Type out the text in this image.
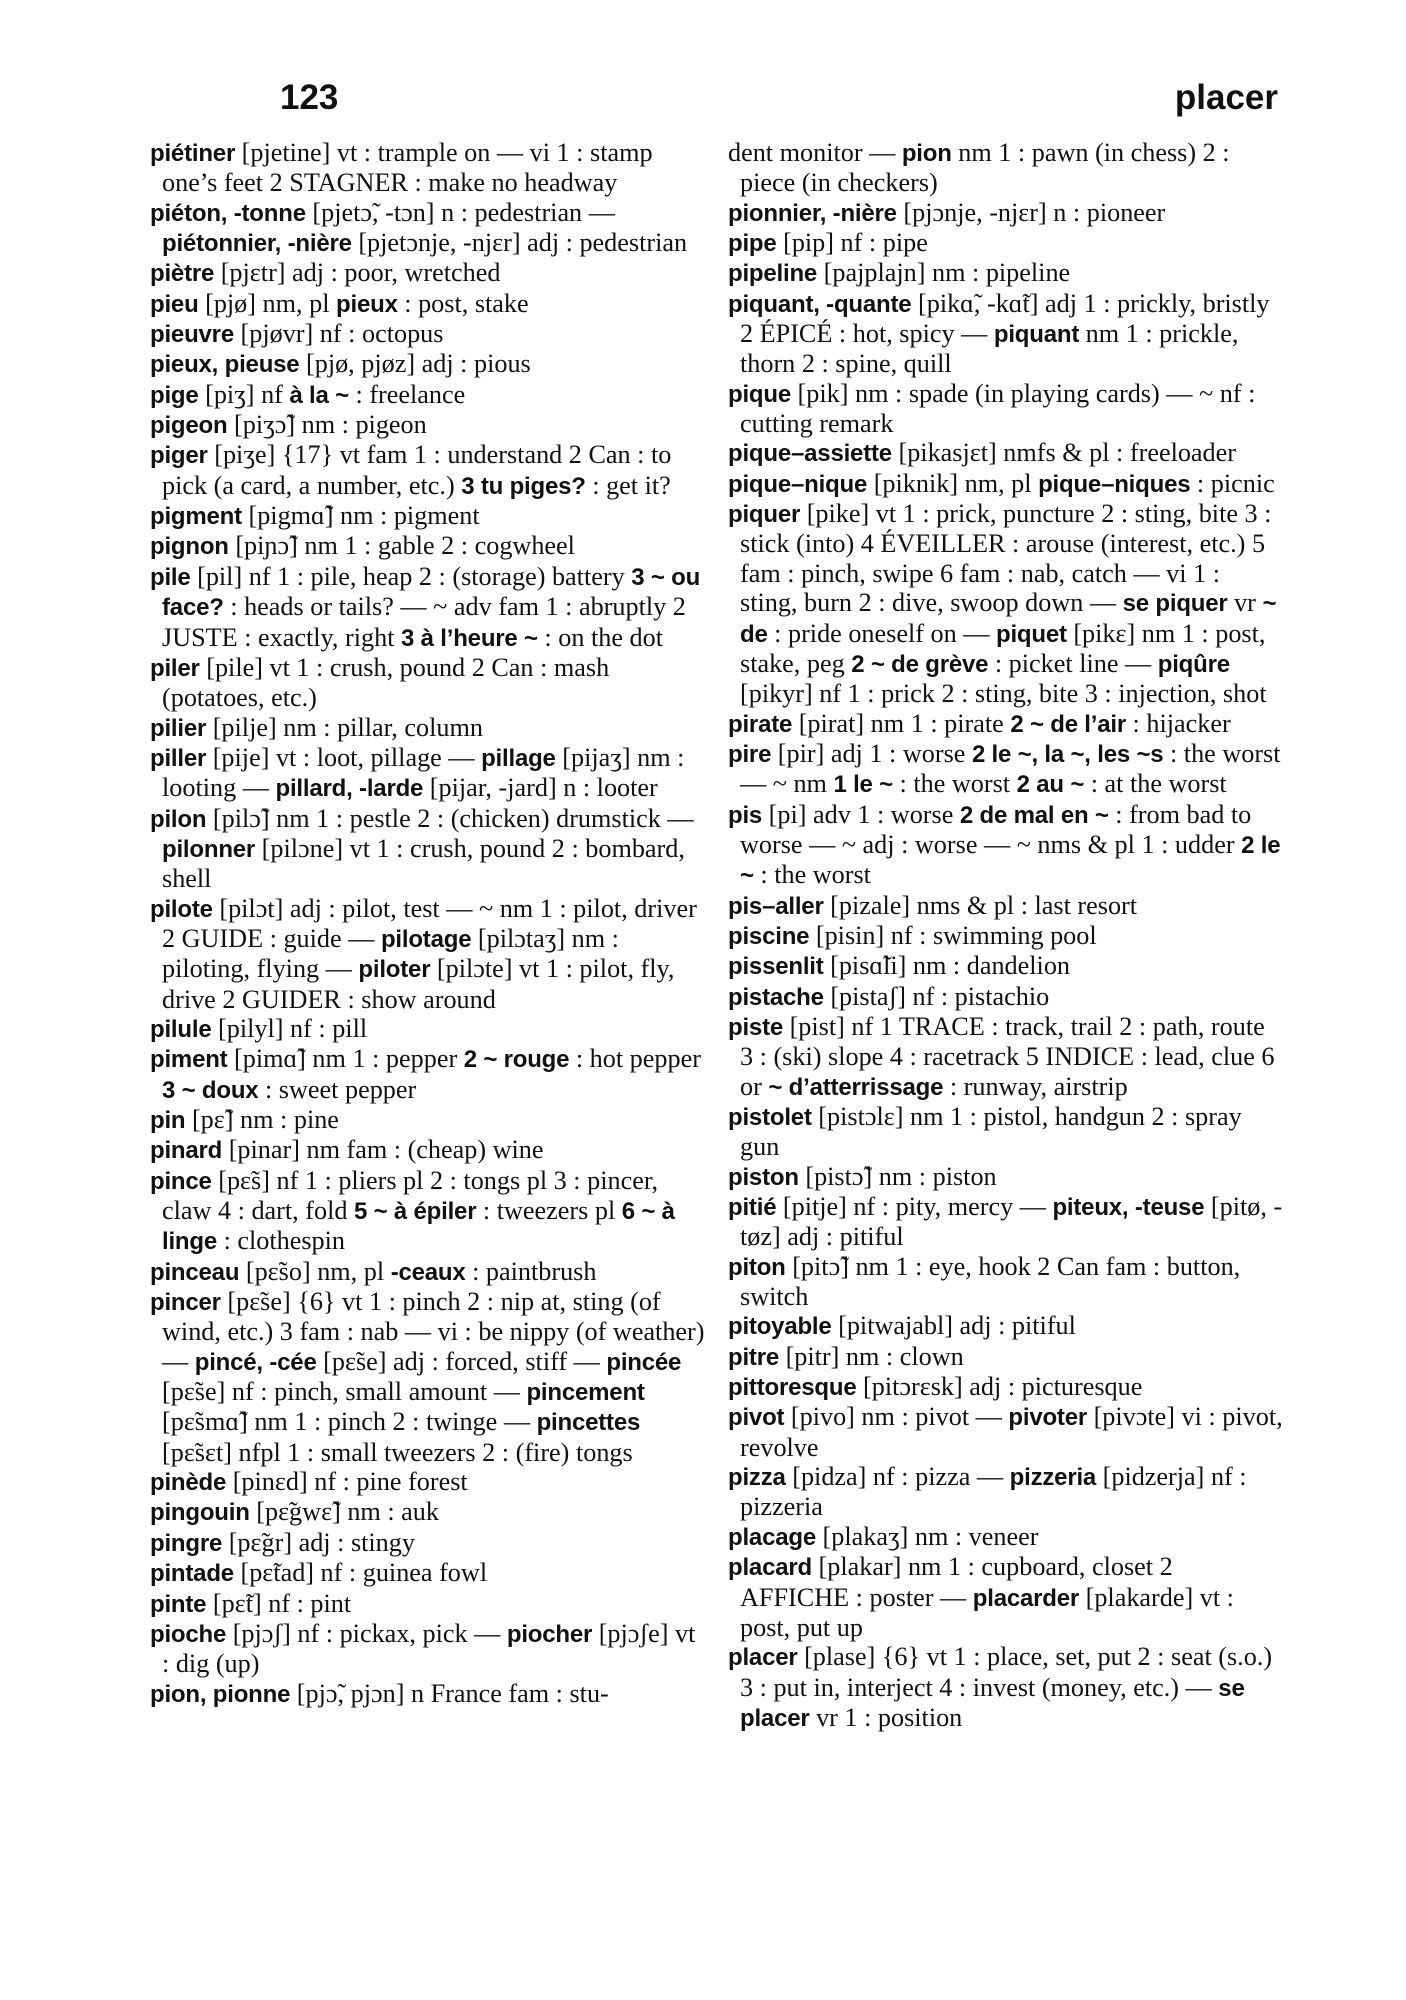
123	placer

piétiner [pjetine] vt : trample on — vi 1 : stamp one’s feet 2 STAGNER : make no headway

piéton, -tonne [pjetɔ̃, -tɔn] n : pedestrian — piétonnier, -nière [pjetɔnje, -njɛr] adj : pedestrian

piètre [pjɛtr] adj : poor, wretched

pieu [pjø] nm, pl pieux : post, stake

pieuvre [pjøvr] nf : octopus

pieux, pieuse [pjø, pjøz] adj : pious

pige [piʒ] nf à la ~ : freelance

pigeon [piʒɔ̃] nm : pigeon

piger [piʒe] {17} vt fam 1 : understand 2 Can : to pick (a card, a number, etc.) 3 tu piges? : get it?

pigment [pigmɑ̃] nm : pigment

pignon [piɲɔ̃] nm 1 : gable 2 : cogwheel

pile [pil] nf 1 : pile, heap 2 : (storage) battery 3 ~ ou face? : heads or tails? — ~ adv fam 1 : abruptly 2 JUSTE : exactly, right 3 à l’heure ~ : on the dot

piler [pile] vt 1 : crush, pound 2 Can : mash (potatoes, etc.)

pilier [pilje] nm : pillar, column

piller [pije] vt : loot, pillage — pillage [pijaʒ] nm : looting — pillard, -larde [pijar, -jard] n : looter

pilon [pilɔ̃] nm 1 : pestle 2 : (chicken) drumstick — pilonner [pilɔne] vt 1 : crush, pound 2 : bombard, shell

pilote [pilɔt] adj : pilot, test — ~ nm 1 : pilot, driver 2 GUIDE : guide — pilotage [pilɔtaʒ] nm : piloting, flying — piloter [pilɔte] vt 1 : pilot, fly, drive 2 GUIDER : show around

pilule [pilyl] nf : pill

piment [pimɑ̃] nm 1 : pepper 2 ~ rouge : hot pepper 3 ~ doux : sweet pepper

pin [pɛ̃] nm : pine

pinard [pinar] nm fam : (cheap) wine

pince [pɛ̃s] nf 1 : pliers pl 2 : tongs pl 3 : pincer, claw 4 : dart, fold 5 ~ à épiler : tweezers pl 6 ~ à linge : clothespin

pinceau [pɛ̃so] nm, pl -ceaux : paintbrush

pincer [pɛ̃se] {6} vt 1 : pinch 2 : nip at, sting (of wind, etc.) 3 fam : nab — vi : be nippy (of weather) — pincé, -cée [pɛ̃se] adj : forced, stiff — pincée [pɛ̃se] nf : pinch, small amount — pincement [pɛ̃smɑ̃] nm 1 : pinch 2 : twinge — pincettes [pɛ̃sɛt] nfpl 1 : small tweezers 2 : (fire) tongs

pinède [pinɛd] nf : pine forest

pingouin [pɛ̃gwɛ̃] nm : auk

pingre [pɛ̃gr] adj : stingy

pintade [pɛ̃tad] nf : guinea fowl

pinte [pɛ̃t] nf : pint

pioche [pjɔʃ] nf : pickax, pick — piocher [pjɔʃe] vt : dig (up)

pion, pionne [pjɔ̃, pjɔn] n France fam : stu-

dent monitor — pion nm 1 : pawn (in chess) 2 : piece (in checkers)

pionnier, -nière [pjɔnje, -njɛr] n : pioneer

pipe [pip] nf : pipe

pipeline [pajplajn] nm : pipeline

piquant, -quante [pikɑ̃, -kɑ̃t] adj 1 : prickly, bristly 2 ÉPICÉ : hot, spicy — piquant nm 1 : prickle, thorn 2 : spine, quill

pique [pik] nm : spade (in playing cards) — ~ nf : cutting remark

pique–assiette [pikasjɛt] nmfs & pl : freeloader

pique–nique [piknik] nm, pl pique–niques : picnic

piquer [pike] vt 1 : prick, puncture 2 : sting, bite 3 : stick (into) 4 ÉVEILLER : arouse (interest, etc.) 5 fam : pinch, swipe 6 fam : nab, catch — vi 1 : sting, burn 2 : dive, swoop down — se piquer vr ~ de : pride oneself on — piquet [pikɛ] nm 1 : post, stake, peg 2 ~ de grève : picket line — piqûre [pikyr] nf 1 : prick 2 : sting, bite 3 : injection, shot

pirate [pirat] nm 1 : pirate 2 ~ de l’air : hijacker

pire [pir] adj 1 : worse 2 le ~, la ~, les ~s : the worst — ~ nm 1 le ~ : the worst 2 au ~ : at the worst

pis [pi] adv 1 : worse 2 de mal en ~ : from bad to worse — ~ adj : worse — ~ nms & pl 1 : udder 2 le ~ : the worst

pis–aller [pizale] nms & pl : last resort

piscine [pisin] nf : swimming pool

pissenlit [pisɑ̃li] nm : dandelion

pistache [pistaʃ] nf : pistachio

piste [pist] nf 1 TRACE : track, trail 2 : path, route 3 : (ski) slope 4 : racetrack 5 INDICE : lead, clue 6 or ~ d’atterrissage : runway, airstrip

pistolet [pistɔlɛ] nm 1 : pistol, handgun 2 : spray gun

piston [pistɔ̃] nm : piston

pitié [pitje] nf : pity, mercy — piteux, -teuse [pitø, -tøz] adj : pitiful

piton [pitɔ̃] nm 1 : eye, hook 2 Can fam : button, switch

pitoyable [pitwajabl] adj : pitiful

pitre [pitr] nm : clown

pittoresque [pitɔrɛsk] adj : picturesque

pivot [pivo] nm : pivot — pivoter [pivɔte] vi : pivot, revolve

pizza [pidza] nf : pizza — pizzeria [pidzerja] nf : pizzeria

placage [plakaʒ] nm : veneer

placard [plakar] nm 1 : cupboard, closet 2 AFFICHE : poster — placarder [plakarde] vt : post, put up

placer [plase] {6} vt 1 : place, set, put 2 : seat (s.o.) 3 : put in, interject 4 : invest (money, etc.) — se placer vr 1 : position
